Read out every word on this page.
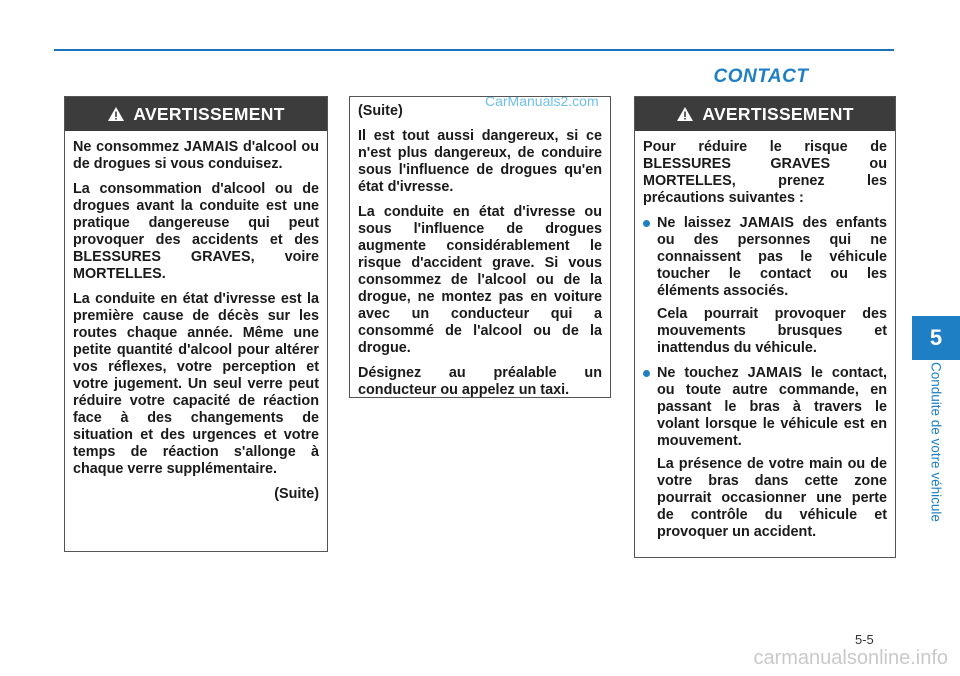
CONTACT
CarManuals2.com
AVERTISSEMENT

Ne consommez JAMAIS d'alcool ou de drogues si vous conduisez.

La consommation d'alcool ou de drogues avant la conduite est une pratique dangereuse qui peut provoquer des accidents et des BLESSURES GRAVES, voire MORTELLES.

La conduite en état d'ivresse est la première cause de décès sur les routes chaque année. Même une petite quantité d'alcool pour altérer vos réflexes, votre perception et votre jugement. Un seul verre peut réduire votre capacité de réaction face à des changements de situation et des urgences et votre temps de réaction s'allonge à chaque verre supplémentaire.

(Suite)

(Suite)

Il est tout aussi dangereux, si ce n'est plus dangereux, de conduire sous l'influence de drogues qu'en état d'ivresse.

La conduite en état d'ivresse ou sous l'influence de drogues augmente considérablement le risque d'accident grave. Si vous consommez de l'alcool ou de la drogue, ne montez pas en voiture avec un conducteur qui a consommé de l'alcool ou de la drogue.

Désignez au préalable un conducteur ou appelez un taxi.

AVERTISSEMENT

Pour réduire le risque de BLESSURES GRAVES ou MORTELLES, prenez les précautions suivantes :

Ne laissez JAMAIS des enfants ou des personnes qui ne connaissent pas le véhicule toucher le contact ou les éléments associés.

Cela pourrait provoquer des mouvements brusques et inattendus du véhicule.

Ne touchez JAMAIS le contact, ou toute autre commande, en passant le bras à travers le volant lorsque le véhicule est en mouvement.

La présence de votre main ou de votre bras dans cette zone pourrait occasionner une perte de contrôle du véhicule et provoquer un accident.

5
Conduite de votre véhicule
5-5
carmanualsonline.info
